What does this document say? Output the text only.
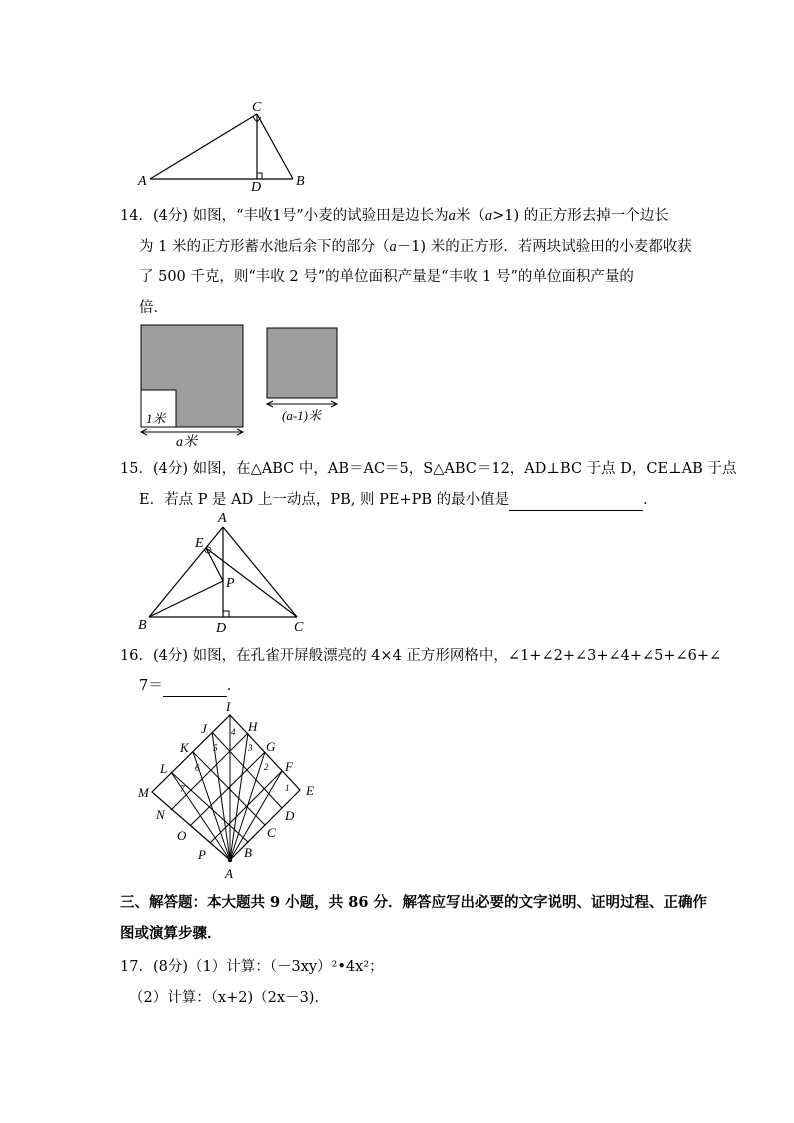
C
A	B
D
14．(4分) 如图，“丰收1号”小麦的试验田是边长为a米（a>1) 的正方形去掉一个边长
为 1 米的正方形蓄水池后余下的部分（a－1) 米的正方形．若两块试验田的小麦都收获
了 500 千克，则“丰收 2 号”的单位面积产量是“丰收 1 号”的单位面积产量的
倍．
1米
a米
(a-1)米
15．(4分) 如图，在△ABC 中，AB＝AC＝5，S△ABC＝12，AD⊥BC 于点 D，CE⊥AB 于点
E．若点 P 是 AD 上一动点，PB, 则 PE+PB 的最小值是	．
A
E
P
B	D	C
16．(4分) 如图，在孔雀开屏般漂亮的 4×4 正方形网格中，∠1+∠2+∠3+∠4+∠5+∠6+∠
7＝	．
4
3
5
2
6
1
7
I
J	H
K	G
L	F
M	E
N	D
O	C
P	B
A
三、解答题：本大题共 9 小题，共 86 分．解答应写出必要的文字说明、证明过程、正确作
图或演算步骤．
17．(8分)（1）计算：（－3xy）²•4x²；
（2）计算：（x+2)（2x－3)．
